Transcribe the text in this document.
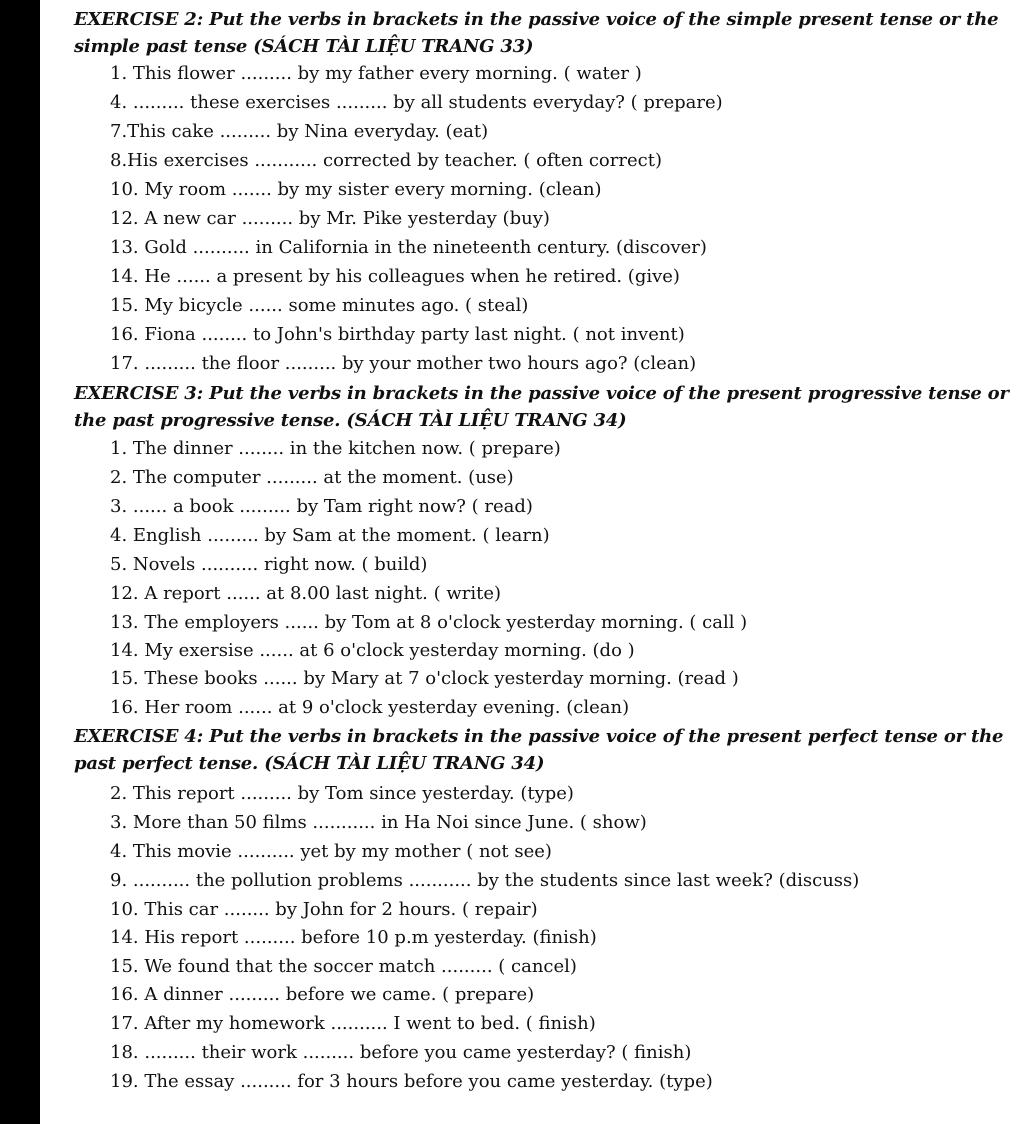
EXERCISE 2: Put the verbs in brackets in the passive voice of the simple present tense or the simple past tense (SÁCH TÀI LIỆU TRANG 33)
1. This flower ......... by my father every morning. ( water )
4. ......... these exercises ......... by all students everyday? ( prepare)
7.This cake ......... by Nina everyday. (eat)
8.His exercises ........... corrected by teacher. ( often correct)
10. My room ....... by my sister every morning. (clean)
12. A new car ......... by Mr. Pike yesterday (buy)
13. Gold .......... in California in the nineteenth century. (discover)
14. He ...... a present by his colleagues when he retired. (give)
15. My bicycle ...... some minutes ago. ( steal)
16. Fiona ........ to John's birthday party last night. ( not invent)
17. ......... the floor ......... by your mother two hours ago? (clean)
EXERCISE 3: Put the verbs in brackets in the passive voice of the present progressive tense or the past progressive tense. (SÁCH TÀI LIỆU TRANG 34)
1. The dinner ........ in the kitchen now. ( prepare)
2. The computer ......... at the moment. (use)
3. ...... a book ......... by Tam right now? ( read)
4. English ......... by Sam at the moment. ( learn)
5. Novels .......... right now. ( build)
12. A report ...... at 8.00 last night. ( write)
13. The employers ...... by Tom at 8 o'clock yesterday morning. ( call )
14. My exersise ...... at 6 o'clock yesterday morning. (do )
15. These books ...... by Mary at 7 o'clock yesterday morning. (read )
16. Her room ...... at 9 o'clock yesterday evening. (clean)
EXERCISE 4: Put the verbs in brackets in the passive voice of the present perfect tense or the past perfect tense. (SÁCH TÀI LIỆU TRANG 34)
2. This report ......... by Tom since yesterday. (type)
3. More than 50 films ........... in Ha Noi since June. ( show)
4. This movie .......... yet by my mother ( not see)
9. .......... the pollution problems ........... by the students since last week? (discuss)
10. This car ........ by John for 2 hours. ( repair)
14. His report ......... before 10 p.m yesterday. (finish)
15. We found that the soccer match ......... ( cancel)
16. A dinner ......... before we came. ( prepare)
17. After my homework .......... I went to bed. ( finish)
18. ......... their work ......... before you came yesterday? ( finish)
19. The essay ......... for 3 hours before you came yesterday. (type)
